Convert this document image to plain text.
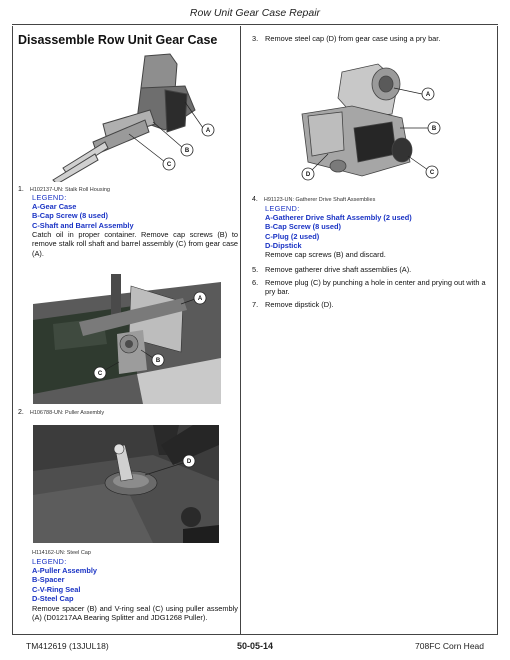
Row Unit Gear Case Repair
Disassemble Row Unit Gear Case
A
B
C
1. H102137-UN: Stalk Roll Housing
LEGEND:
A-Gear Case
B-Cap Screw (8 used)
C-Shaft and Barrel Assembly
Catch oil in proper container. Remove cap screws (B) to remove stalk roll shaft and barrel assembly (C) from gear case (A).
A
B
C
2. H106788-UN: Puller Assembly
D
H114162-UN: Steel Cap
LEGEND:
A-Puller Assembly
B-Spacer
C-V-Ring Seal
D-Steel Cap
Remove spacer (B) and V-ring seal (C) using puller assembly (A) (D01217AA Bearing Splitter and JDG1268 Puller).
3. Remove steel cap (D) from gear case using a pry bar.
A
B
C
D
4. H91123-UN: Gatherer Drive Shaft Assemblies
LEGEND:
A-Gatherer Drive Shaft Assembly (2 used)
B-Cap Screw (8 used)
C-Plug (2 used)
D-Dipstick
Remove cap screws (B) and discard.
5. Remove gatherer drive shaft assemblies (A).
6. Remove plug (C) by punching a hole in center and prying out with a pry bar.
7. Remove dipstick (D).
TM412619 (13JUL18)	50-05-14	708FC Corn Head
